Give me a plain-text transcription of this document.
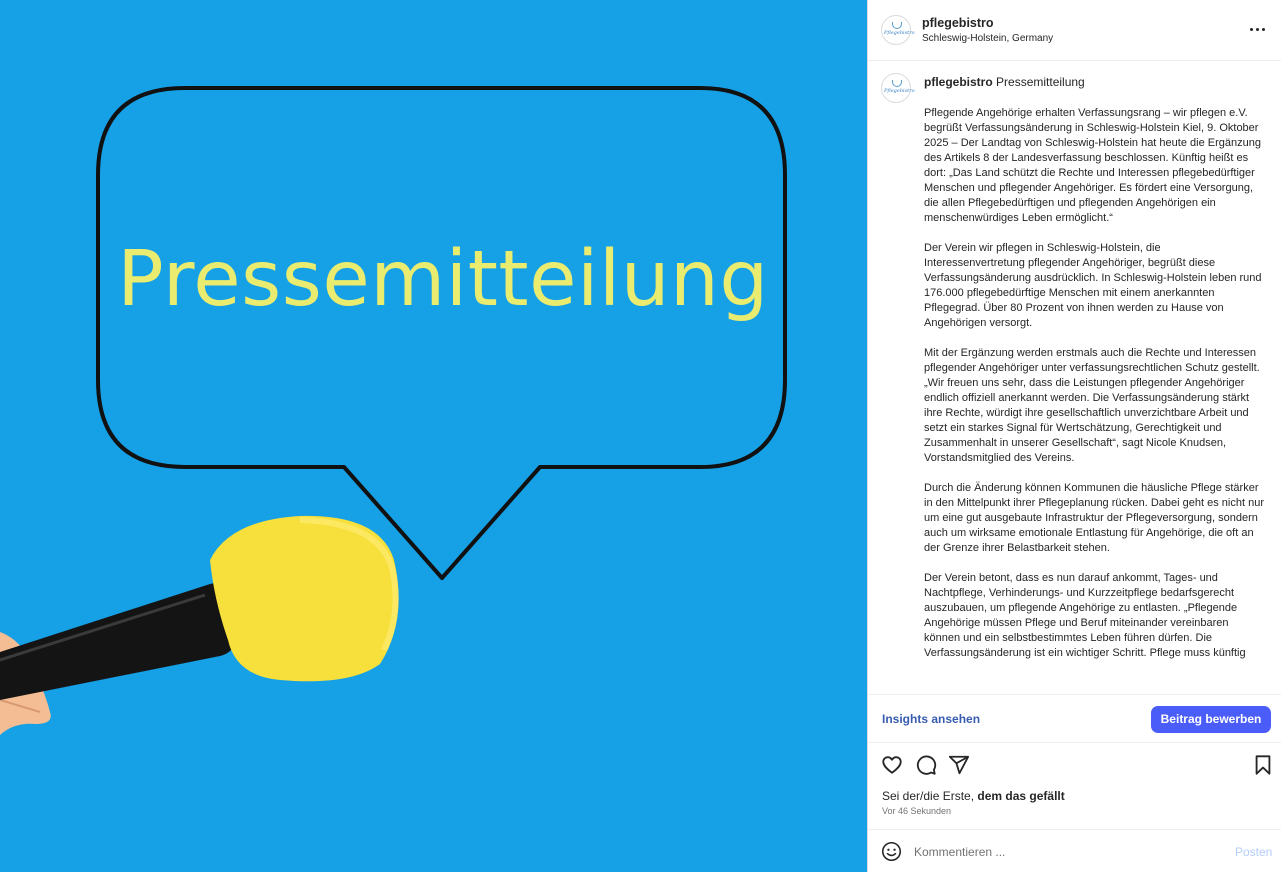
Pressemitteilung
Pflegebistro
pflegebistro
Schleswig-Holstein, Germany
Pflegebistro
pflegebistro Pressemitteilung

Pflegende Angehörige erhalten Verfassungsrang – wir pflegen e.V. begrüßt Verfassungsänderung in Schleswig-Holstein Kiel, 9. Oktober 2025 – Der Landtag von Schleswig-Holstein hat heute die Ergänzung des Artikels 8 der Landesverfassung beschlossen. Künftig heißt es dort: „Das Land schützt die Rechte und Interessen pflegebedürftiger Menschen und pflegender Angehöriger. Es fördert eine Versorgung, die allen Pflegebedürftigen und pflegenden Angehörigen ein menschenwürdiges Leben ermöglicht.“

Der Verein wir pflegen in Schleswig-Holstein, die Interessenvertretung pflegender Angehöriger, begrüßt diese Verfassungsänderung ausdrücklich. In Schleswig-Holstein leben rund 176.000 pflegebedürftige Menschen mit einem anerkannten Pflegegrad. Über 80 Prozent von ihnen werden zu Hause von Angehörigen versorgt.

Mit der Ergänzung werden erstmals auch die Rechte und Interessen pflegender Angehöriger unter verfassungsrechtlichen Schutz gestellt. „Wir freuen uns sehr, dass die Leistungen pflegender Angehöriger endlich offiziell anerkannt werden. Die Verfassungsänderung stärkt ihre Rechte, würdigt ihre gesellschaftlich unverzichtbare Arbeit und setzt ein starkes Signal für Wertschätzung, Gerechtigkeit und Zusammenhalt in unserer Gesellschaft“, sagt Nicole Knudsen, Vorstandsmitglied des Vereins.

Durch die Änderung können Kommunen die häusliche Pflege stärker in den Mittelpunkt ihrer Pflegeplanung rücken. Dabei geht es nicht nur um eine gut ausgebaute Infrastruktur der Pflegeversorgung, sondern auch um wirksame emotionale Entlastung für Angehörige, die oft an der Grenze ihrer Belastbarkeit stehen.

Der Verein betont, dass es nun darauf ankommt, Tages- und Nachtpflege, Verhinderungs- und Kurzzeitpflege bedarfsgerecht auszubauen, um pflegende Angehörige zu entlasten. „Pflegende Angehörige müssen Pflege und Beruf miteinander vereinbaren können und ein selbstbestimmtes Leben führen dürfen. Die Verfassungsänderung ist ein wichtiger Schritt. Pflege muss künftig

Insights ansehen	Beitrag bewerben
Sei der/die Erste, dem das gefällt
Vor 46 Sekunden
Kommentieren ...
Posten
